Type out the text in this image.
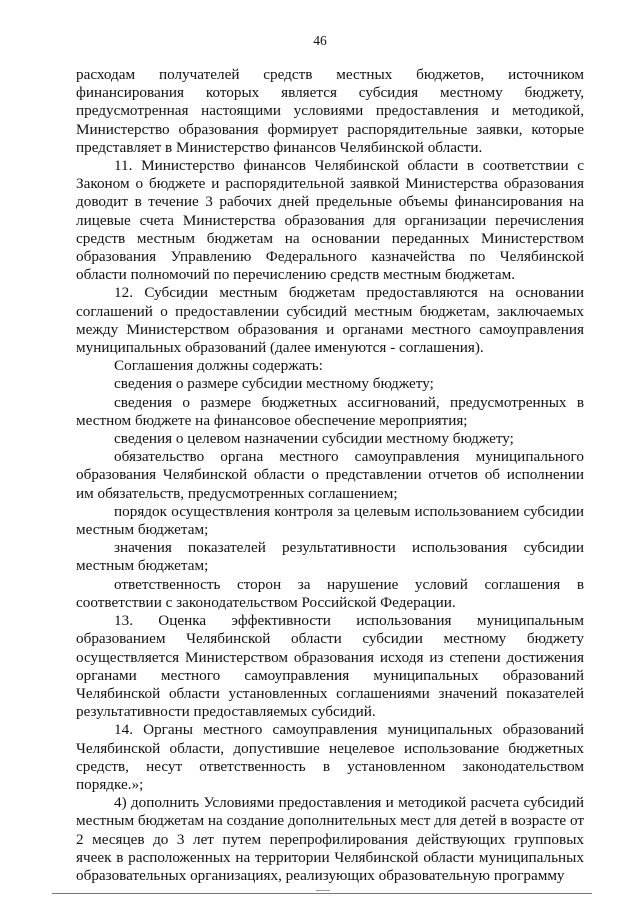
46

расходам получателей средств местных бюджетов, источником финансирования которых является субсидия местному бюджету, предусмотренная настоящими условиями предоставления и методикой, Министерство образования формирует распорядительные заявки, которые представляет в Министерство финансов Челябинской области.

11. Министерство финансов Челябинской области в соответствии с Законом о бюджете и распорядительной заявкой Министерства образования доводит в течение 3 рабочих дней предельные объемы финансирования на лицевые счета Министерства образования для организации перечисления средств местным бюджетам на основании переданных Министерством образования Управлению Федерального казначейства по Челябинской области полномочий по перечислению средств местным бюджетам.

12. Субсидии местным бюджетам предоставляются на основании соглашений о предоставлении субсидий местным бюджетам, заключаемых между Министерством образования и органами местного самоуправления муниципальных образований (далее именуются - соглашения).

Соглашения должны содержать:

сведения о размере субсидии местному бюджету;

сведения о размере бюджетных ассигнований, предусмотренных в местном бюджете на финансовое обеспечение мероприятия;

сведения о целевом назначении субсидии местному бюджету;

обязательство органа местного самоуправления муниципального образования Челябинской области о представлении отчетов об исполнении им обязательств, предусмотренных соглашением;

порядок осуществления контроля за целевым использованием субсидии местным бюджетам;

значения показателей результативности использования субсидии местным бюджетам;

ответственность сторон за нарушение условий соглашения в соответствии с законодательством Российской Федерации.

13. Оценка эффективности использования муниципальным образованием Челябинской области субсидии местному бюджету осуществляется Министерством образования исходя из степени достижения органами местного самоуправления муниципальных образований Челябинской области установленных соглашениями значений показателей результативности предоставляемых субсидий.

14. Органы местного самоуправления муниципальных образований Челябинской области, допустившие нецелевое использование бюджетных средств, несут ответственность в установленном законодательством порядке.»;

4) дополнить Условиями предоставления и методикой расчета субсидий местным бюджетам на создание дополнительных мест для детей в возрасте от 2 месяцев до 3 лет путем перепрофилирования действующих групповых ячеек в расположенных на территории Челябинской области муниципальных образовательных организациях, реализующих образовательную программу
